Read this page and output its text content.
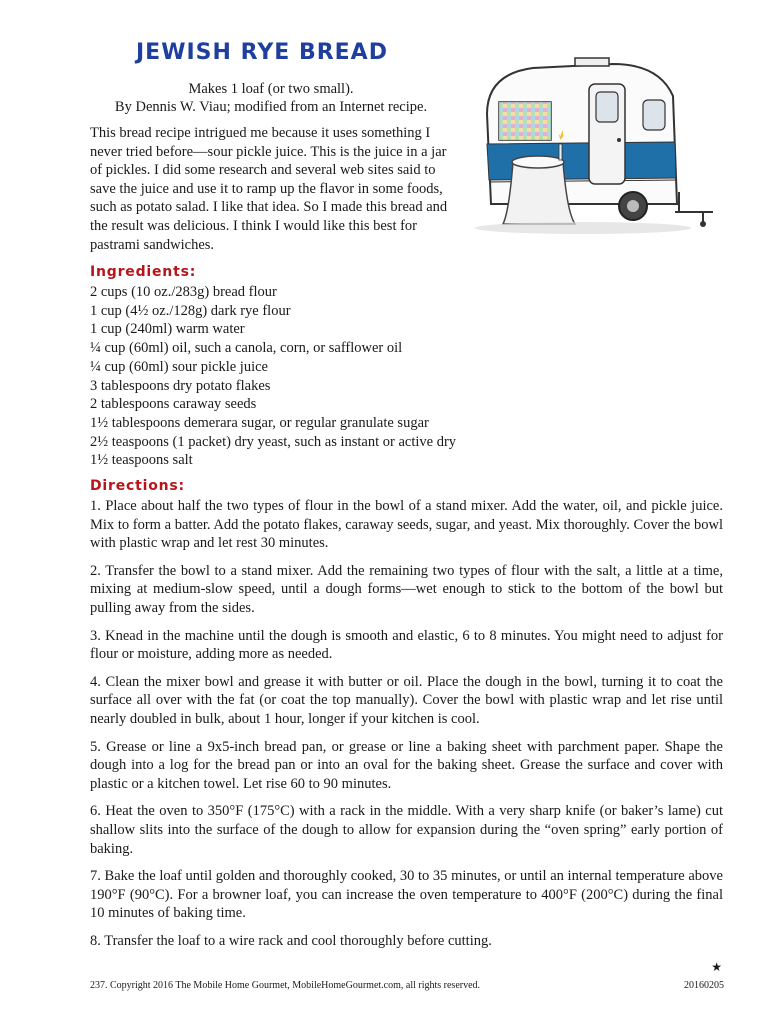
JEWISH RYE BREAD

Makes 1 loaf (or two small).

By Dennis W. Viau; modified from an Internet recipe.

This bread recipe intrigued me because it uses something I never tried before—sour pickle juice. This is the juice in a jar of pickles. I did some research and several web sites said to save the juice and use it to ramp up the flavor in some foods, such as potato salad. I like that idea. So I made this bread and the result was delicious. I think I would like this best for pastrami sandwiches.

Ingredients:
2 cups (10 oz./283g) bread flour
1 cup (4½ oz./128g) dark rye flour
1 cup (240ml) warm water
¼ cup (60ml) oil, such a canola, corn, or safflower oil
¼ cup (60ml) sour pickle juice
3 tablespoons dry potato flakes
2 tablespoons caraway seeds
1½ tablespoons demerara sugar, or regular granulate sugar
2½ teaspoons (1 packet) dry yeast, such as instant or active dry
1½ teaspoons salt
Directions:

1. Place about half the two types of flour in the bowl of a stand mixer. Add the water, oil, and pickle juice. Mix to form a batter. Add the potato flakes, caraway seeds, sugar, and yeast. Mix thoroughly. Cover the bowl with plastic wrap and let rest 30 minutes.

2. Transfer the bowl to a stand mixer. Add the remaining two types of flour with the salt, a little at a time, mixing at medium-slow speed, until a dough forms—wet enough to stick to the bottom of the bowl but pulling away from the sides.

3. Knead in the machine until the dough is smooth and elastic, 6 to 8 minutes. You might need to adjust for flour or moisture, adding more as needed.

4. Clean the mixer bowl and grease it with butter or oil. Place the dough in the bowl, turning it to coat the surface all over with the fat (or coat the top manually). Cover the bowl with plastic wrap and let rise until nearly doubled in bulk, about 1 hour, longer if your kitchen is cool.

5. Grease or line a 9x5-inch bread pan, or grease or line a baking sheet with parchment paper. Shape the dough into a log for the bread pan or into an oval for the baking sheet. Grease the surface and cover with plastic or a kitchen towel. Let rise 60 to 90 minutes.

6. Heat the oven to 350°F (175°C) with a rack in the middle. With a very sharp knife (or baker’s lame) cut shallow slits into the surface of the dough to allow for expansion during the “oven spring” early portion of baking.

7. Bake the loaf until golden and thoroughly cooked, 30 to 35 minutes, or until an internal temperature above 190°F (90°C). For a browner loaf, you can increase the oven temperature to 400°F (200°C) during the final 10 minutes of baking time.

8. Transfer the loaf to a wire rack and cool thoroughly before cutting.

★

237. Copyright 2016 The Mobile Home Gourmet, MobileHomeGourmet.com, all rights reserved.	20160205
